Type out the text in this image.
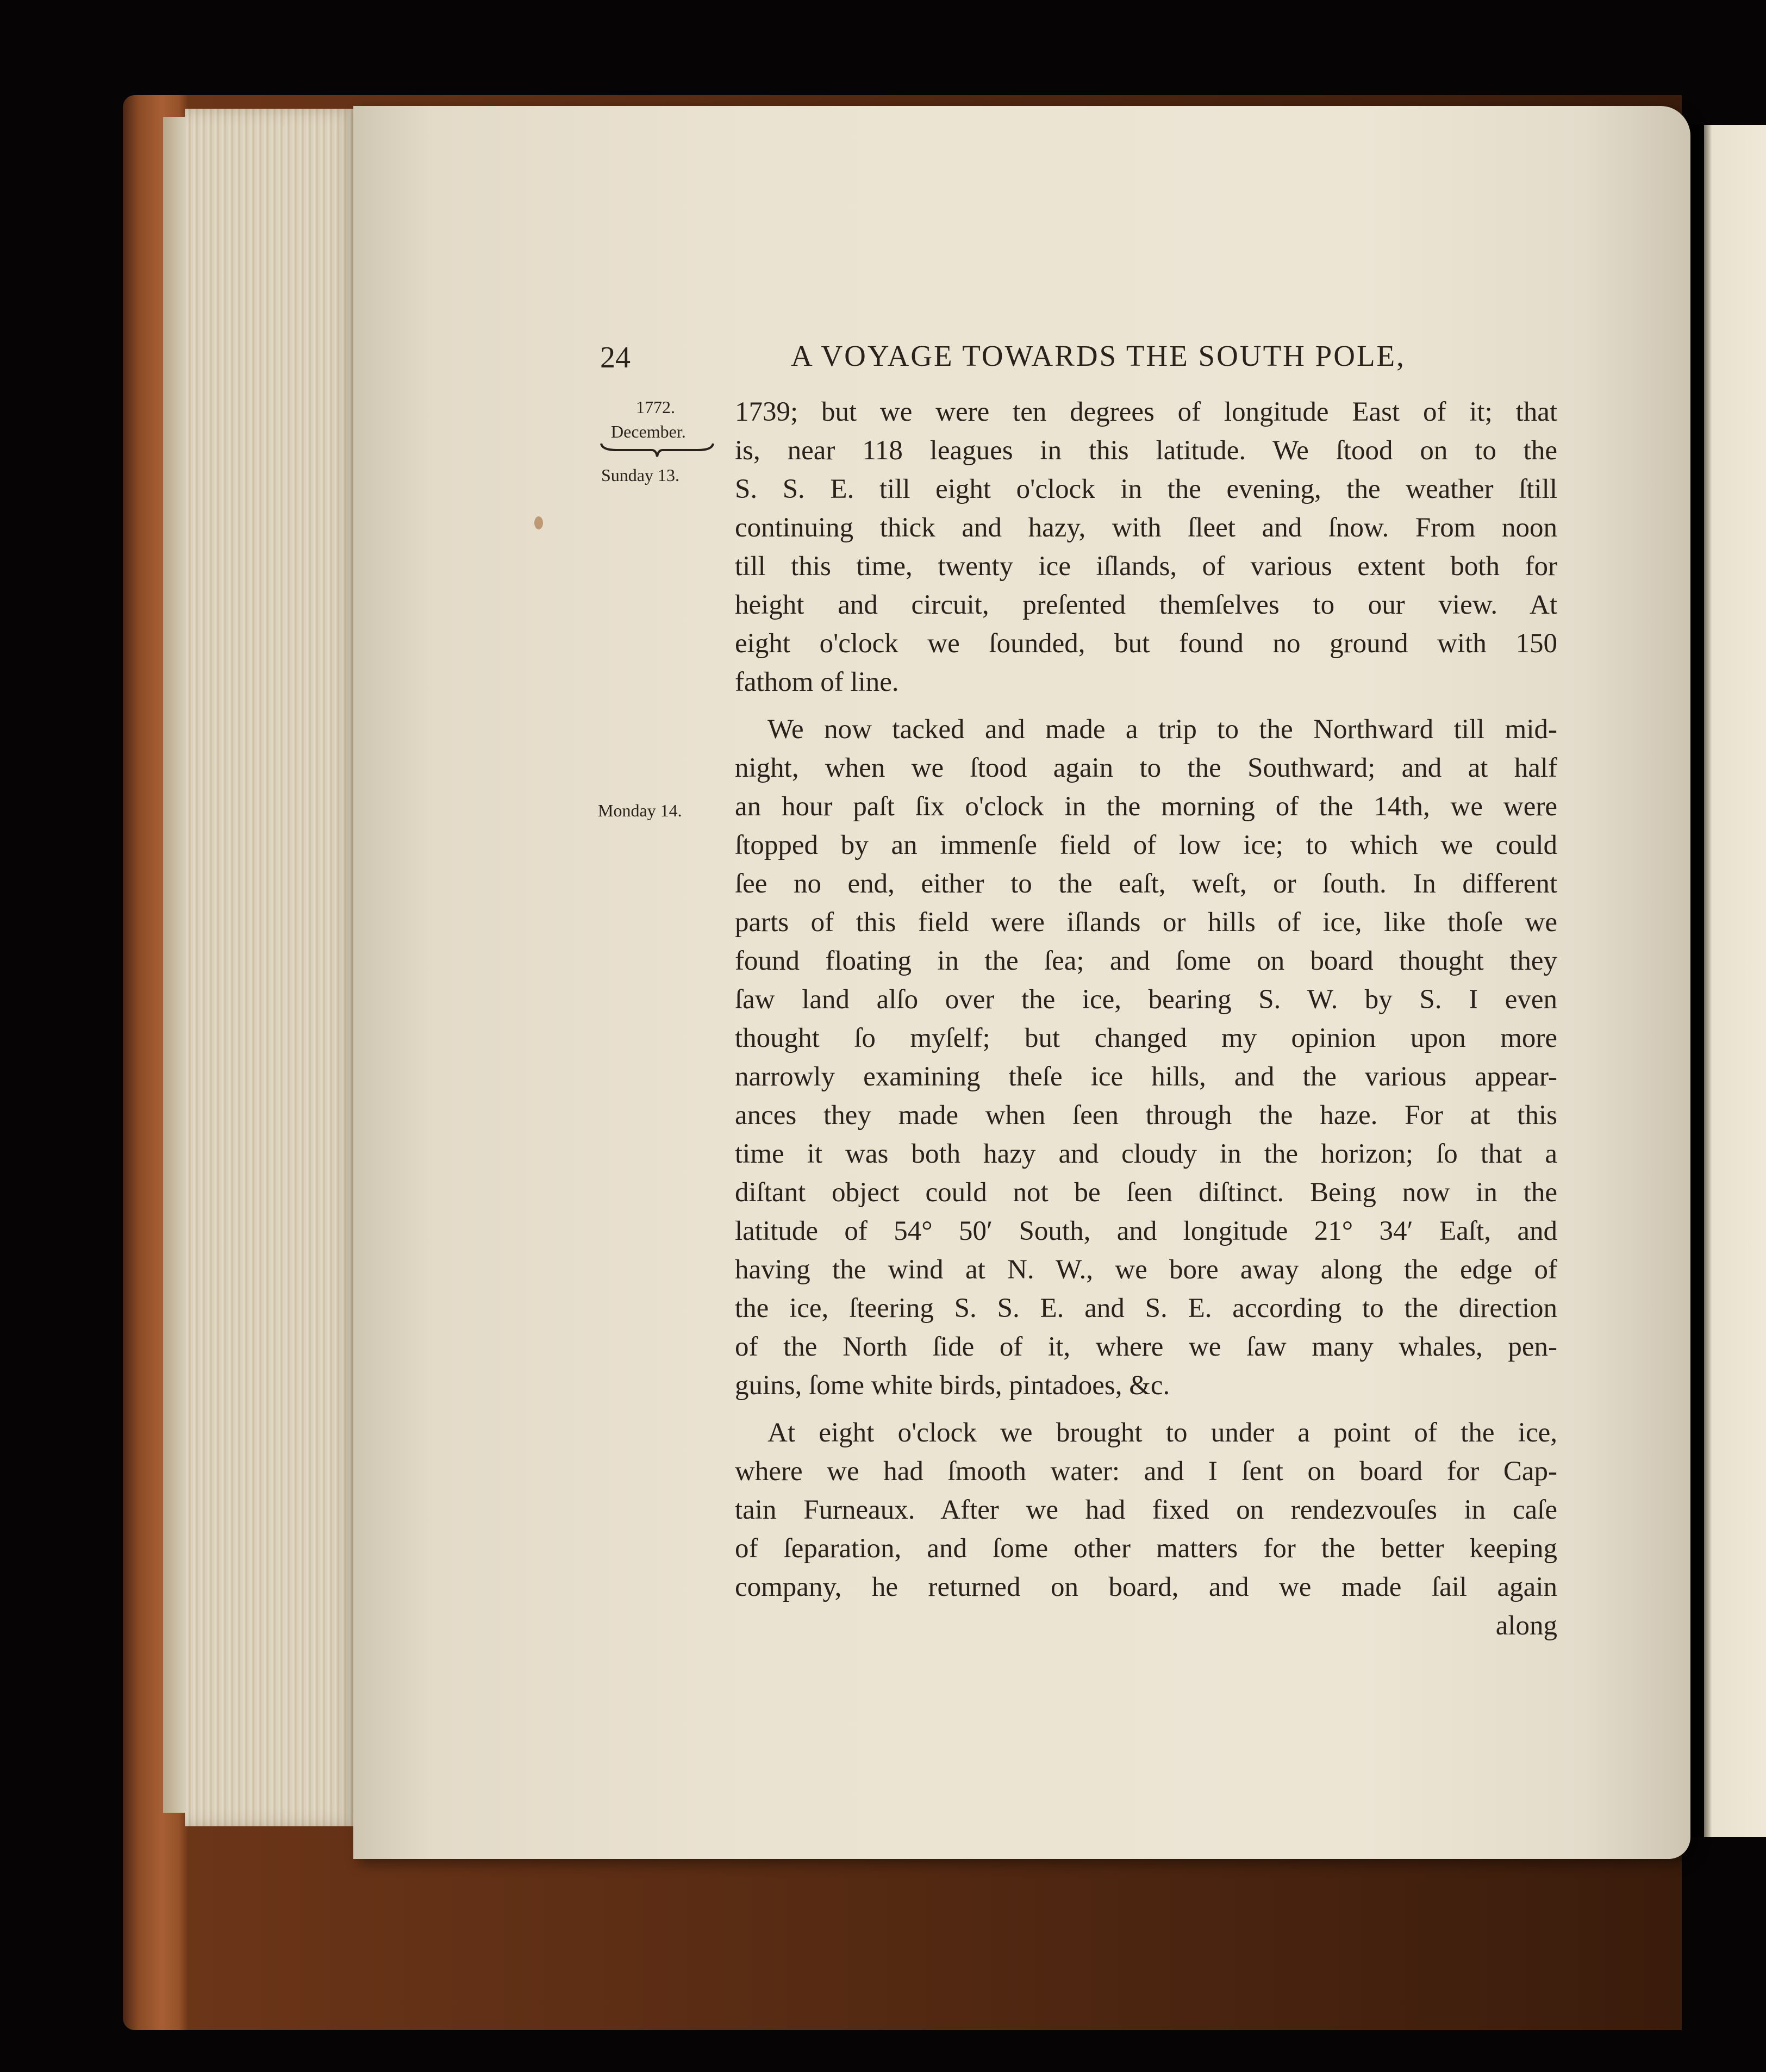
24	A VOYAGE TOWARDS THE SOUTH POLE,
1772.
December.
Sunday 13.
Monday 14.
1739; but we were ten degrees of longitude East of it; that
is, near 118 leagues in this latitude. We ſtood on to the
S. S. E. till eight o'clock in the evening, the weather ſtill
continuing thick and hazy, with ſleet and ſnow. From noon
till this time, twenty ice iſlands, of various extent both for
height and circuit, preſented themſelves to our view. At
eight o'clock we ſounded, but found no ground with 150
fathom of line.
We now tacked and made a trip to the Northward till mid-
night, when we ſtood again to the Southward; and at half
an hour paſt ſix o'clock in the morning of the 14th, we were
ſtopped by an immenſe field of low ice; to which we could
ſee no end, either to the eaſt, weſt, or ſouth. In different
parts of this field were iſlands or hills of ice, like thoſe we
found floating in the ſea; and ſome on board thought they
ſaw land alſo over the ice, bearing S. W. by S. I even
thought ſo myſelf; but changed my opinion upon more
narrowly examining theſe ice hills, and the various appear-
ances they made when ſeen through the haze. For at this
time it was both hazy and cloudy in the horizon; ſo that a
diſtant object could not be ſeen diſtinct. Being now in the
latitude of 54° 50′ South, and longitude 21° 34′ Eaſt, and
having the wind at N. W., we bore away along the edge of
the ice, ſteering S. S. E. and S. E. according to the direction
of the North ſide of it, where we ſaw many whales, pen-
guins, ſome white birds, pintadoes, &c.
At eight o'clock we brought to under a point of the ice,
where we had ſmooth water: and I ſent on board for Cap-
tain Furneaux. After we had fixed on rendezvouſes in caſe
of ſeparation, and ſome other matters for the better keeping
company, he returned on board, and we made ſail again
along
